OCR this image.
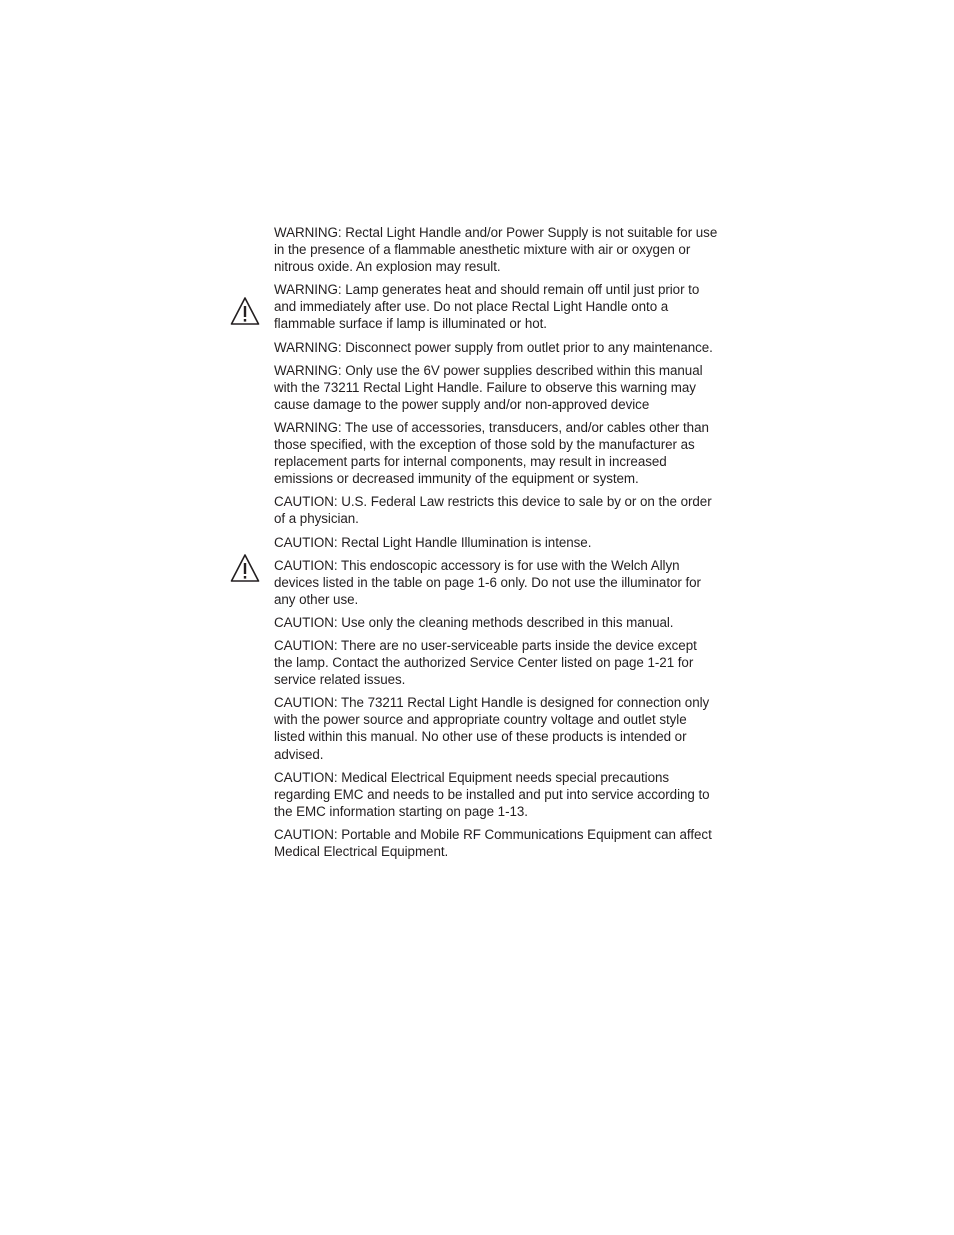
WARNING: Rectal Light Handle and/or Power Supply is not suitable for use in the presence of a flammable anesthetic mixture with air or oxygen or nitrous oxide. An explosion may result.

WARNING: Lamp generates heat and should remain off until just prior to and immediately after use. Do not place Rectal Light Handle onto a flammable surface if lamp is illuminated or hot.

WARNING: Disconnect power supply from outlet prior to any maintenance.

WARNING: Only use the 6V power supplies described within this manual with the 73211 Rectal Light Handle. Failure to observe this warning may cause damage to the power supply and/or non-approved device

WARNING: The use of accessories, transducers, and/or cables other than those specified, with the exception of those sold by the manufacturer as replacement parts for internal components, may result in increased emissions or decreased immunity of the equipment or system.

CAUTION: U.S. Federal Law restricts this device to sale by or on the order of a physician.

CAUTION: Rectal Light Handle Illumination is intense.

CAUTION: This endoscopic accessory is for use with the Welch Allyn devices listed in the table on page 1-6 only. Do not use the illuminator for any other use.

CAUTION: Use only the cleaning methods described in this manual.

CAUTION: There are no user-serviceable parts inside the device except the lamp. Contact the authorized Service Center listed on page 1-21 for service related issues.

CAUTION: The 73211 Rectal Light Handle is designed for connection only with the power source and appropriate country voltage and outlet style listed within this manual. No other use of these products is intended or advised.

CAUTION: Medical Electrical Equipment needs special precautions regarding EMC and needs to be installed and put into service according to the EMC information starting on page 1-13.

CAUTION: Portable and Mobile RF Communications Equipment can affect Medical Electrical Equipment.
